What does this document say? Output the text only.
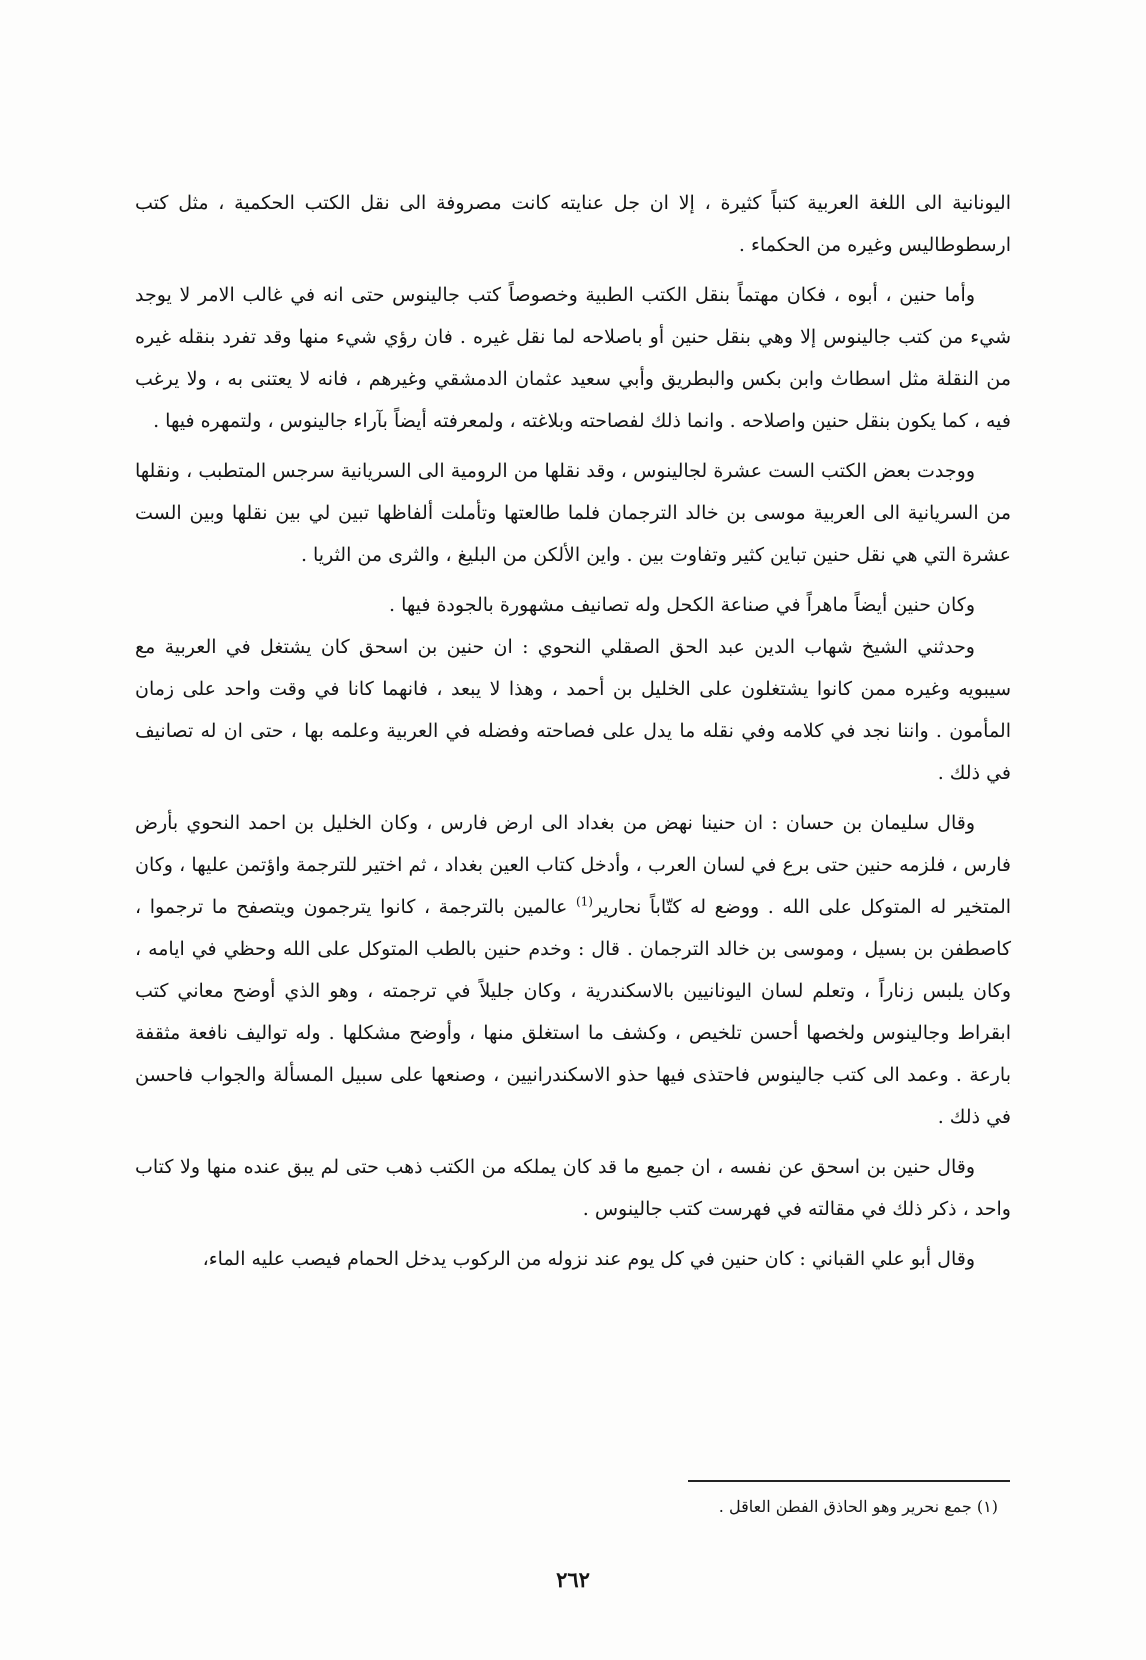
اليونانية الى اللغة العربية كتباً كثيرة ، إلا ان جل عنايته كانت مصروفة الى نقل الكتب الحكمية ، مثل كتب ارسطوطاليس وغيره من الحكماء .

وأما حنين ، أبوه ، فكان مهتماً بنقل الكتب الطبية وخصوصاً كتب جالينوس حتى انه في غالب الامر لا يوجد شيء من كتب جالينوس إلا وهي بنقل حنين أو باصلاحه لما نقل غيره . فان رؤي شيء منها وقد تفرد بنقله غيره من النقلة مثل اسطاث وابن بكس والبطريق وأبي سعيد عثمان الدمشقي وغيرهم ، فانه لا يعتنى به ، ولا يرغب فيه ، كما يكون بنقل حنين واصلاحه . وانما ذلك لفصاحته وبلاغته ، ولمعرفته أيضاً بآراء جالينوس ، ولتمهره فيها .

ووجدت بعض الكتب الست عشرة لجالينوس ، وقد نقلها من الرومية الى السريانية سرجس المتطبب ، ونقلها من السريانية الى العربية موسى بن خالد الترجمان فلما طالعتها وتأملت ألفاظها تبين لي بين نقلها وبين الست عشرة التي هي نقل حنين تباين كثير وتفاوت بين . واين الألكن من البليغ ، والثرى من الثريا .

وكان حنين أيضاً ماهراً في صناعة الكحل وله تصانيف مشهورة بالجودة فيها .

وحدثني الشيخ شهاب الدين عبد الحق الصقلي النحوي : ان حنين بن اسحق كان يشتغل في العربية مع سيبويه وغيره ممن كانوا يشتغلون على الخليل بن أحمد ، وهذا لا يبعد ، فانهما كانا في وقت واحد على زمان المأمون . واننا نجد في كلامه وفي نقله ما يدل على فصاحته وفضله في العربية وعلمه بها ، حتى ان له تصانيف في ذلك .

وقال سليمان بن حسان : ان حنينا نهض من بغداد الى ارض فارس ، وكان الخليل بن احمد النحوي بأرض فارس ، فلزمه حنين حتى برع في لسان العرب ، وأدخل كتاب العين بغداد ، ثم اختير للترجمة واؤتمن عليها ، وكان المتخير له المتوكل على الله . ووضع له كتّاباً نحارير$^{(1)}$ عالمين بالترجمة ، كانوا يترجمون ويتصفح ما ترجموا ، كاصطفن بن بسيل ، وموسى بن خالد الترجمان . قال : وخدم حنين بالطب المتوكل على الله وحظي في ايامه ، وكان يلبس زناراً ، وتعلم لسان اليونانيين بالاسكندرية ، وكان جليلاً في ترجمته ، وهو الذي أوضح معاني كتب ابقراط وجالينوس ولخصها أحسن تلخيص ، وكشف ما استغلق منها ، وأوضح مشكلها . وله تواليف نافعة مثقفة بارعة . وعمد الى كتب جالينوس فاحتذى فيها حذو الاسكندرانيين ، وصنعها على سبيل المسألة والجواب فاحسن في ذلك .

وقال حنين بن اسحق عن نفسه ، ان جميع ما قد كان يملكه من الكتب ذهب حتى لم يبق عنده منها ولا كتاب واحد ، ذكر ذلك في مقالته في فهرست كتب جالينوس .

وقال أبو علي القباني : كان حنين في كل يوم عند نزوله من الركوب يدخل الحمام فيصب عليه الماء،

(١) جمع نحرير وهو الحاذق الفطن العاقل .
٢٦٢
